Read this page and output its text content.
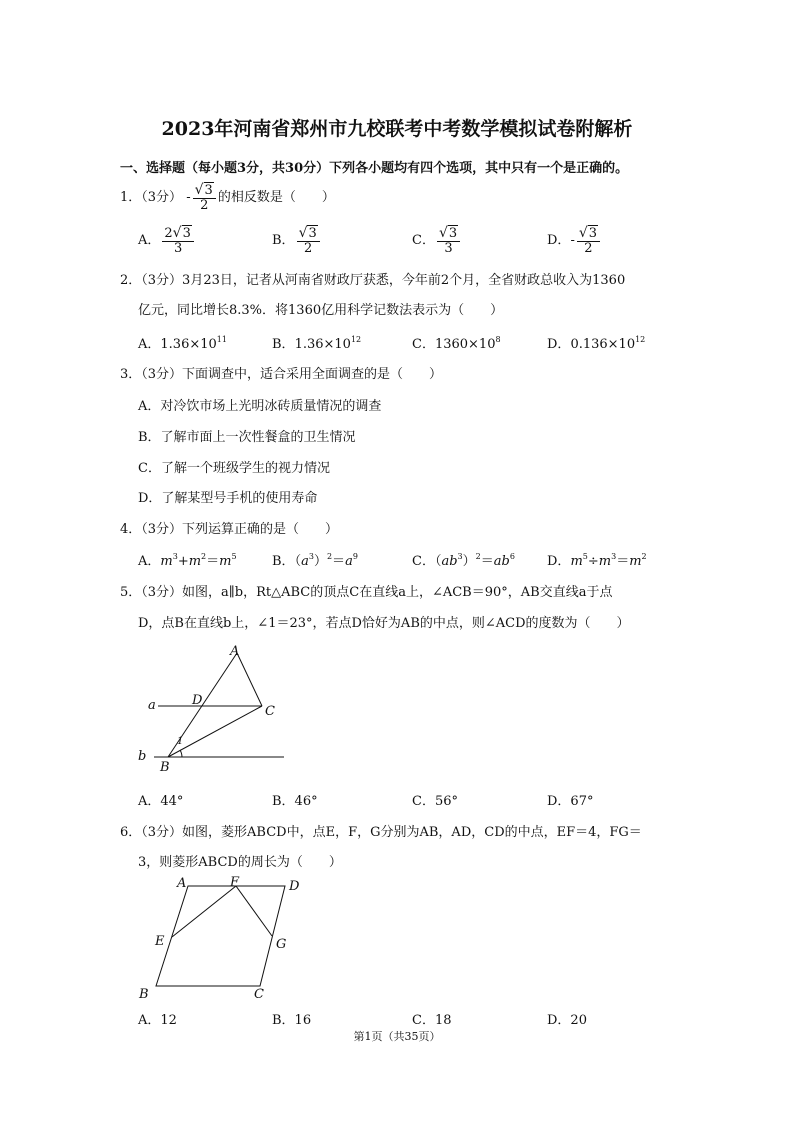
2023年河南省郑州市九校联考中考数学模拟试卷附解析
一、选择题（每小题3分，共30分）下列各小题均有四个选项，其中只有一个是正确的。
1．（3分） - $\frac{√3}{2}$ 的相反数是（　　）
A． $\frac{2√3}{3}$	B． $\frac{√3}{2}$	C． $\frac{√3}{3}$	D．- $\frac{√3}{2}$
2．（3分）3月23日，记者从河南省财政厅获悉，今年前2个月，全省财政总收入为1360
亿元，同比增长8.3%．将1360亿用科学记数法表示为（　　）
A．$1.36\times 10^{11}$	B．$1.36\times 10^{12}$	C．$1360\times 10^8$	D．$0.136\times 10^{12}$
3．（3分）下面调查中，适合采用全面调查的是（　　）
A．对冷饮市场上光明冰砖质量情况的调查
B．了解市面上一次性餐盒的卫生情况
C．了解一个班级学生的视力情况
D．了解某型号手机的使用寿命
4．（3分）下列运算正确的是（　　）
A．$m^3+m^2=m^5$	B．$(a^3)^2=a^9$	C．$(ab^3)^2=ab^6$ D．$m^5\div m^3=m^2$
5．（3分）如图，a∥b，Rt△ABC的顶点C在直线a上，∠ACB＝90°，AB交直线a于点
D，点B在直线b上，∠1＝23°，若点D恰好为AB的中点，则∠ACD的度数为（　　）
A
D
C
a
b
B
1
A．44°	B．46°	C．56°	D．67°
6．（3分）如图，菱形ABCD中，点E，F，G分别为AB，AD，CD的中点，EF＝4，FG＝
3，则菱形ABCD的周长为（　　）
A	F	D
E	G
B	C
A．12	B．16	C．18	D．20
第1页（共35页）
